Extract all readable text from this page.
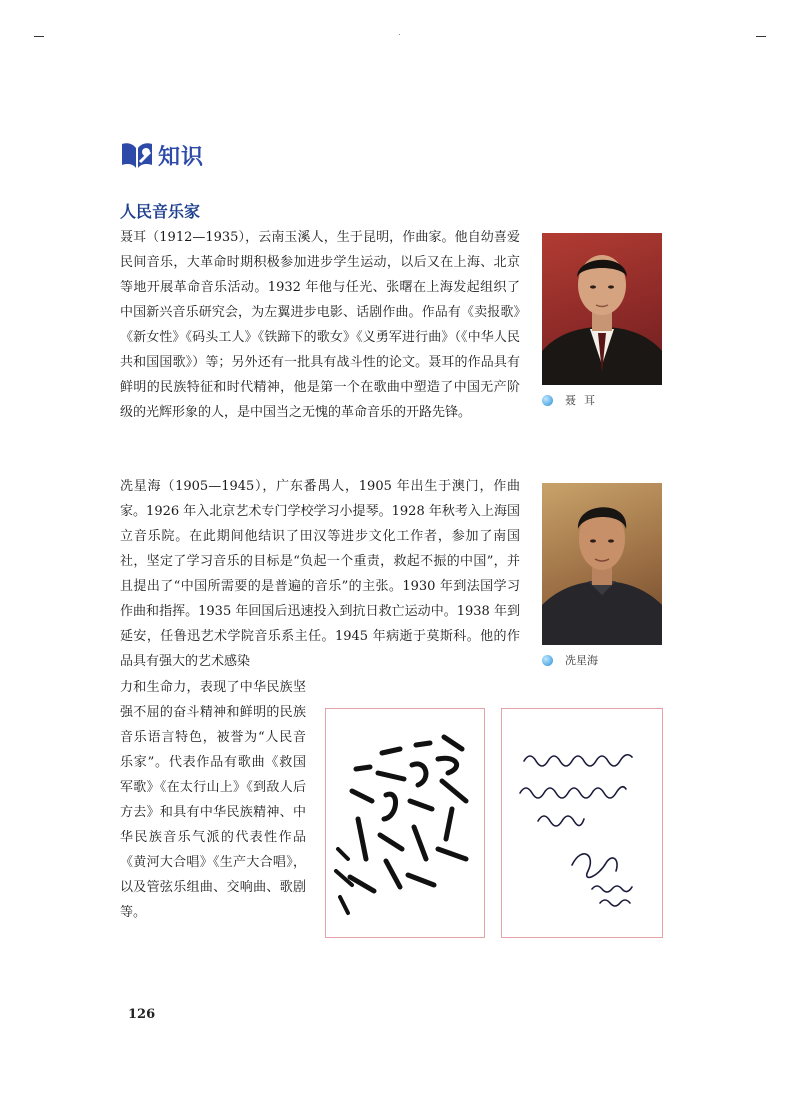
知识
人民音乐家

聂耳（1912—1935），云南玉溪人，生于昆明，作曲家。他自幼喜爱民间音乐，大革命时期积极参加进步学生运动，以后又在上海、北京等地开展革命音乐活动。1932 年他与任光、张曙在上海发起组织了中国新兴音乐研究会，为左翼进步电影、话剧作曲。作品有《卖报歌》《新女性》《码头工人》《铁蹄下的歌女》《义勇军进行曲》（《中华人民共和国国歌》）等；另外还有一批具有战斗性的论文。聂耳的作品具有鲜明的民族特征和时代精神，他是第一个在歌曲中塑造了中国无产阶级的光辉形象的人，是中国当之无愧的革命音乐的开路先锋。

冼星海（1905—1945），广东番禺人，1905 年出生于澳门，作曲家。1926 年入北京艺术专门学校学习小提琴。1928 年秋考入上海国立音乐院。在此期间他结识了田汉等进步文化工作者，参加了南国社，坚定了学习音乐的目标是“负起一个重责，救起不振的中国”，并且提出了“中国所需要的是普遍的音乐”的主张。1930 年到法国学习作曲和指挥。1935 年回国后迅速投入到抗日救亡运动中。1938 年到延安，任鲁迅艺术学院音乐系主任。1945 年病逝于莫斯科。他的作品具有强大的艺术感染

力和生命力，表现了中华民族坚强不屈的奋斗精神和鲜明的民族音乐语言特色，被誉为“人民音乐家”。代表作品有歌曲《救国军歌》《在太行山上》《到敌人后方去》和具有中华民族精神、中华民族音乐气派的代表性作品《黄河大合唱》《生产大合唱》，以及管弦乐组曲、交响曲、歌剧等。

聂耳
冼星海
126
